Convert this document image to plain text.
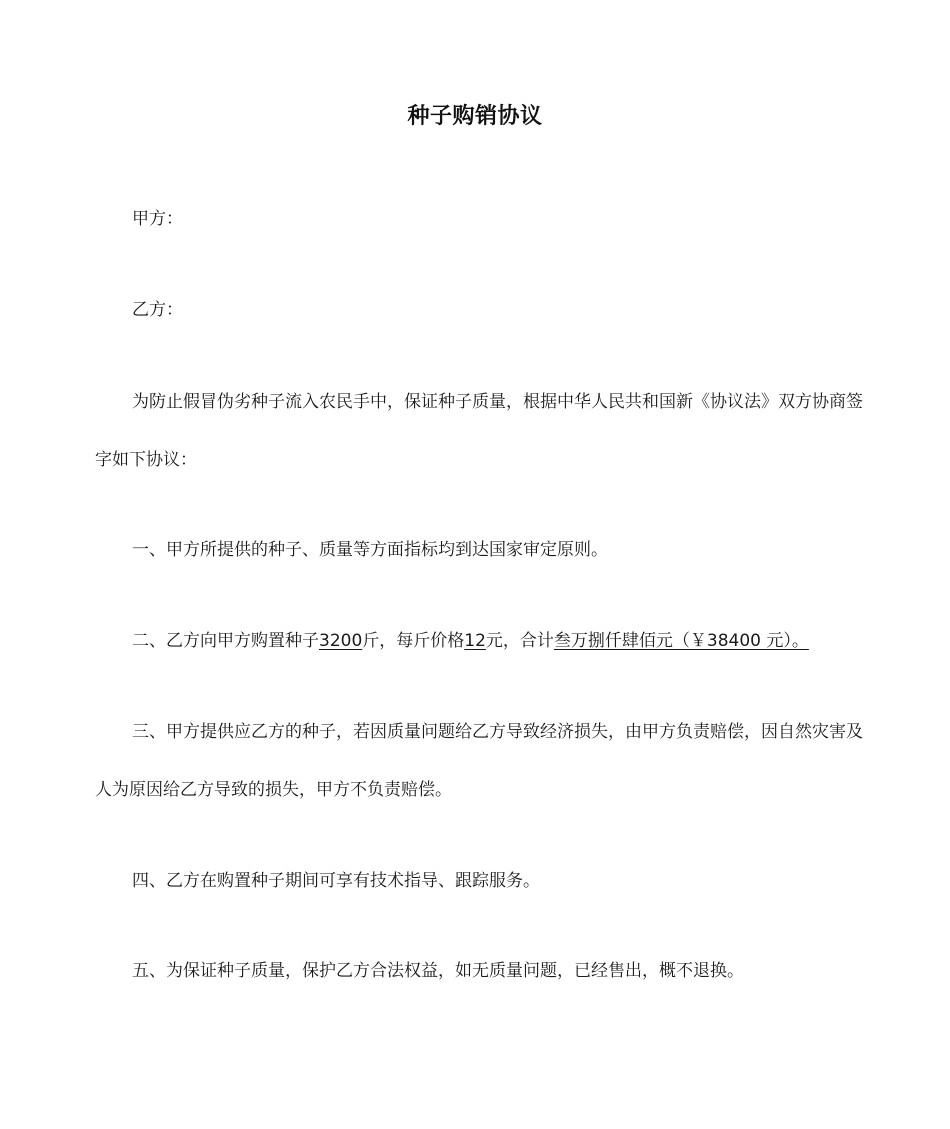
种子购销协议
甲方：
乙方：
为防止假冒伪劣种子流入农民手中，保证种子质量，根据中华人民共和国新《协议法》双方协商签字如下协议：
一、甲方所提供的种子、质量等方面指标均到达国家审定原则。
二、乙方向甲方购置种子3200斤，每斤价格12元，合计叁万捌仟肆佰元（￥38400 元）。
三、甲方提供应乙方的种子，若因质量问题给乙方导致经济损失，由甲方负责赔偿，因自然灾害及人为原因给乙方导致的损失，甲方不负责赔偿。
四、乙方在购置种子期间可享有技术指导、跟踪服务。
五、为保证种子质量，保护乙方合法权益，如无质量问题，已经售出，概不退换。
